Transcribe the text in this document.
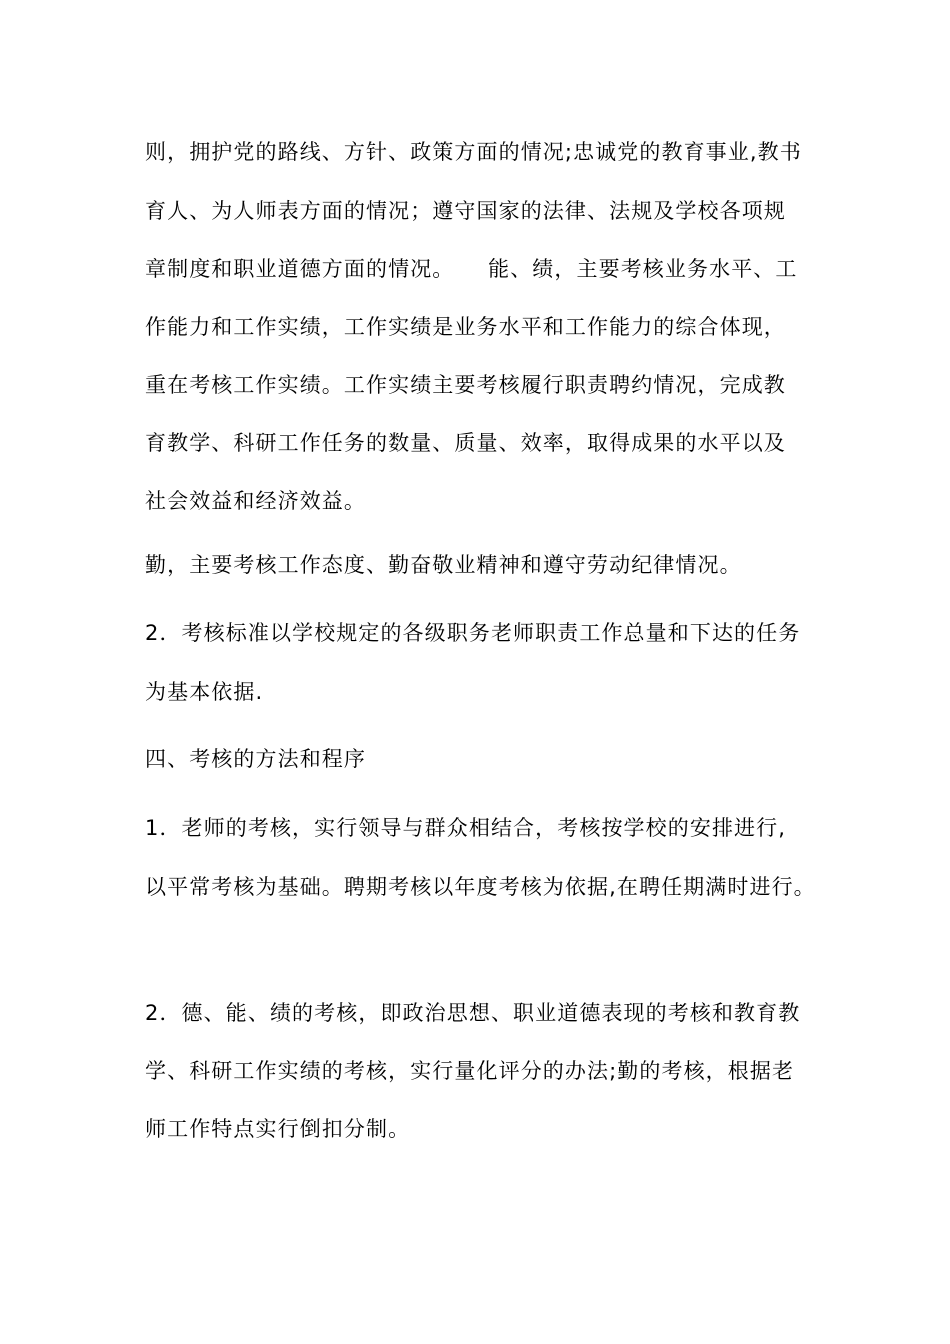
则，拥护党的路线、方针、政策方面的情况;忠诚党的教育事业,教书
育人、为人师表方面的情况；遵守国家的法律、法规及学校各项规
章制度和职业道德方面的情况。　　能、绩，主要考核业务水平、工
作能力和工作实绩，工作实绩是业务水平和工作能力的综合体现，
重在考核工作实绩。工作实绩主要考核履行职责聘约情况，完成教
育教学、科研工作任务的数量、质量、效率，取得成果的水平以及
社会效益和经济效益。
勤，主要考核工作态度、勤奋敬业精神和遵守劳动纪律情况。
2．考核标准以学校规定的各级职务老师职责工作总量和下达的任务
为基本依据.
四、考核的方法和程序
1．老师的考核，实行领导与群众相结合，考核按学校的安排进行,
以平常考核为基础。聘期考核以年度考核为依据,在聘任期满时进行。
2．德、能、绩的考核，即政治思想、职业道德表现的考核和教育教
学、科研工作实绩的考核，实行量化评分的办法;勤的考核，根据老
师工作特点实行倒扣分制。
